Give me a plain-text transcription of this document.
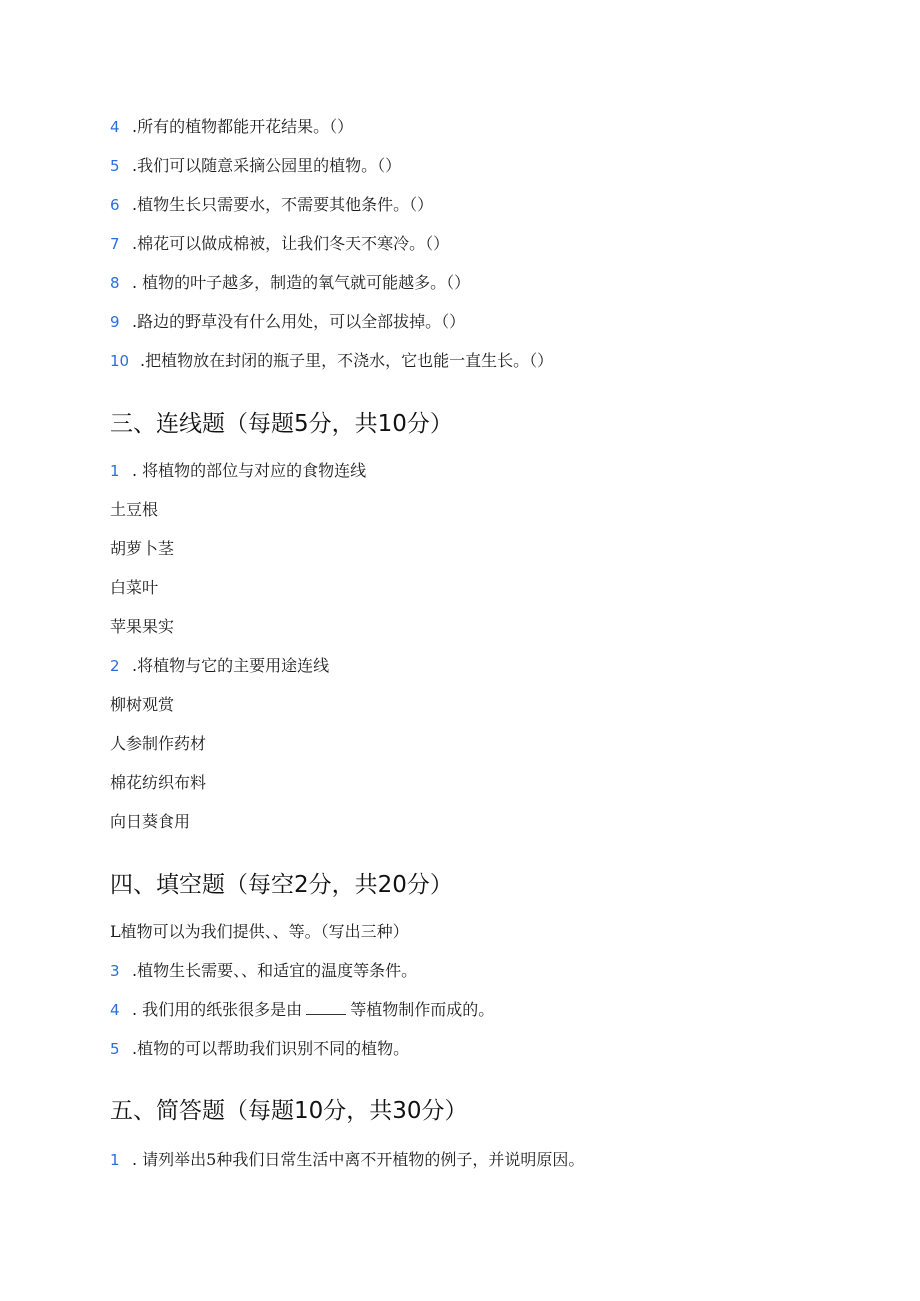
4 .所有的植物都能开花结果。（）
5 .我们可以随意采摘公园里的植物。（）
6 .植物生长只需要水，不需要其他条件。（）
7 .棉花可以做成棉被，让我们冬天不寒冷。（）
8 . 植物的叶子越多，制造的氧气就可能越多。（）
9 .路边的野草没有什么用处，可以全部拔掉。（）
10 .把植物放在封闭的瓶子里，不浇水，它也能一直生长。（）
三、连线题（每题5分，共10分）
1 . 将植物的部位与对应的食物连线
土豆根
胡萝卜茎
白菜叶
苹果果实
2 .将植物与它的主要用途连线
柳树观赏
人参制作药材
棉花纺织布料
向日葵食用
四、填空题（每空2分，共20分）
L植物可以为我们提供、、等。（写出三种）
3 .植物生长需要、、和适宜的温度等条件。
4 . 我们用的纸张很多是由	等植物制作而成的。
5 .植物的可以帮助我们识别不同的植物。
五、简答题（每题10分，共30分）
1 . 请列举出5种我们日常生活中离不开植物的例子，并说明原因。
